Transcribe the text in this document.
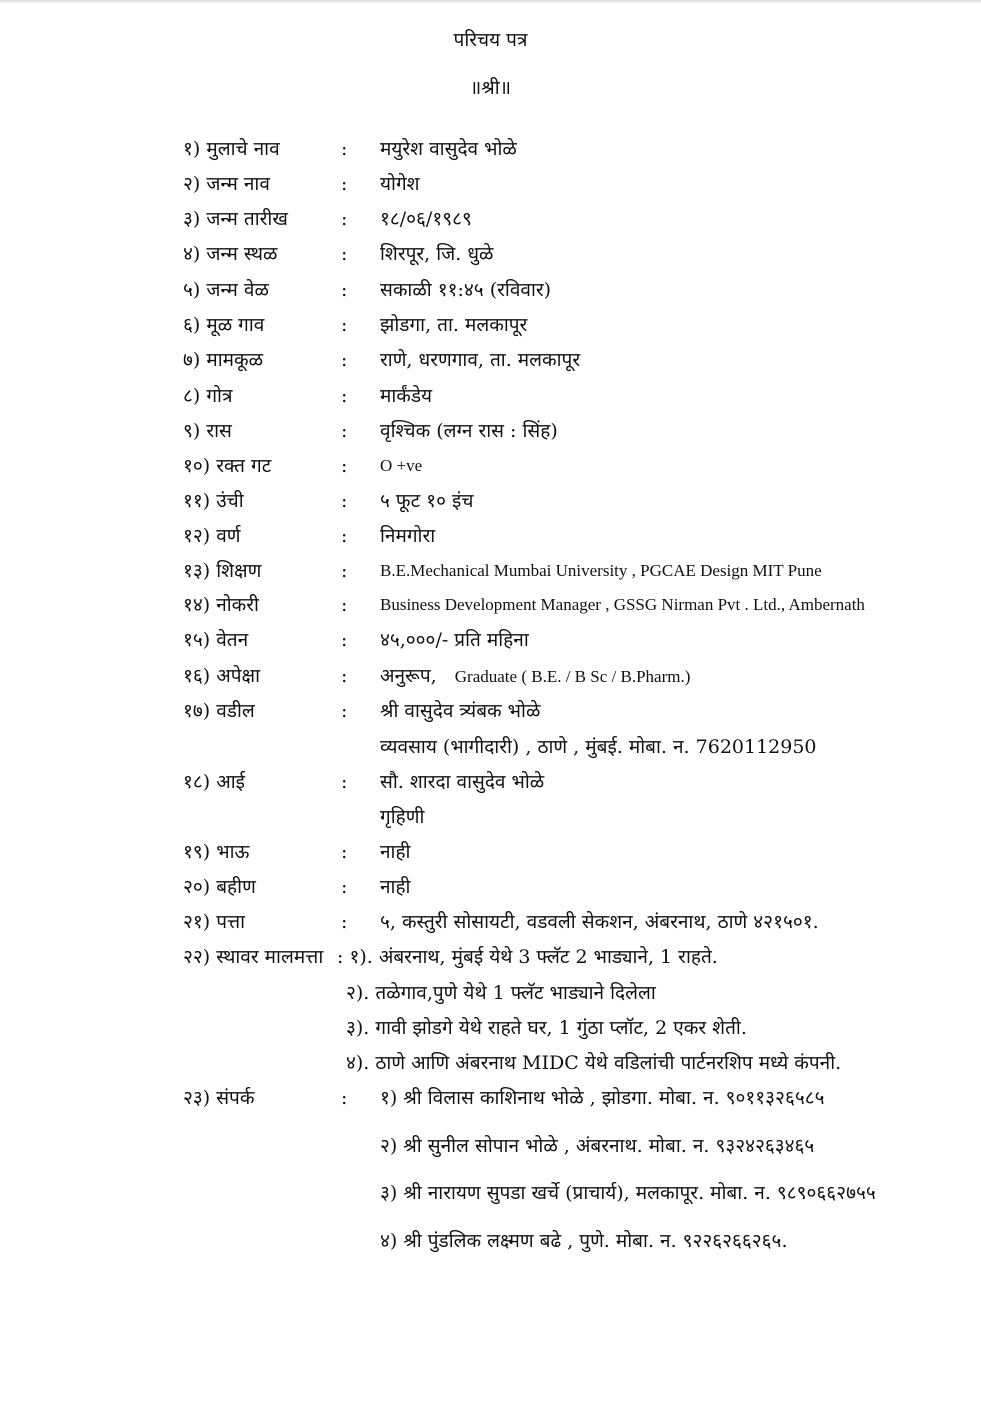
परिचय पत्र
॥श्री॥
१) मुलाचे नाव	: मयुरेश वासुदेव भोळे
२) जन्म नाव	: योगेश
३) जन्म तारीख	: १८/०६/१९८९
४) जन्म स्थळ	: शिरपूर, जि. धुळे
५) जन्म वेळ	: सकाळी ११:४५ (रविवार)
६) मूळ गाव	: झोडगा, ता. मलकापूर
७) मामकूळ	: राणे, धरणगाव, ता. मलकापूर
८) गोत्र	: मार्कंडेय
९) रास	: वृश्चिक (लग्न रास : सिंह)
१०) रक्त गट	: O +ve
११) उंची	: ५ फूट १० इंच
१२) वर्ण	: निमगोरा
१३) शिक्षण	: B.E.Mechanical Mumbai University , PGCAE Design MIT Pune
१४) नोकरी	: Business Development Manager , GSSG Nirman Pvt . Ltd., Ambernath
१५) वेतन	: ४५,०००/- प्रति महिना
१६) अपेक्षा	: अनुरूप, Graduate ( B.E. / B Sc / B.Pharm.)
१७) वडील	: श्री वासुदेव त्र्यंबक भोळे
व्यवसाय (भागीदारी) , ठाणे , मुंबई. मोबा. न. 7620112950
१८) आई	: सौ. शारदा वासुदेव भोळे
गृहिणी
१९) भाऊ	: नाही
२०) बहीण	: नाही
२१) पत्ता	: ५, कस्तुरी सोसायटी, वडवली सेकशन, अंबरनाथ, ठाणे ४२१५०१.
२२) स्थावर मालमत्ता : १). अंबरनाथ, मुंबई येथे 3 फ्लॅट 2 भाड्याने, 1 राहते.
२). तळेगाव,पुणे येथे 1 फ्लॅट भाड्याने दिलेला
३). गावी झोडगे येथे राहते घर, 1 गुंठा प्लॉट, 2 एकर शेती.
४). ठाणे आणि अंबरनाथ MIDC येथे वडिलांची पार्टनरशिप मध्ये कंपनी.
२३) संपर्क	: १) श्री विलास काशिनाथ भोळे , झोडगा. मोबा. न. ९०११३२६५८५
२) श्री सुनील सोपान भोळे , अंबरनाथ. मोबा. न. ९३२४२६३४६५
३) श्री नारायण सुपडा खर्चे (प्राचार्य), मलकापूर. मोबा. न. ९८९०६६२७५५
४) श्री पुंडलिक लक्ष्मण बढे , पुणे. मोबा. न. ९२२६२६६२६५.
